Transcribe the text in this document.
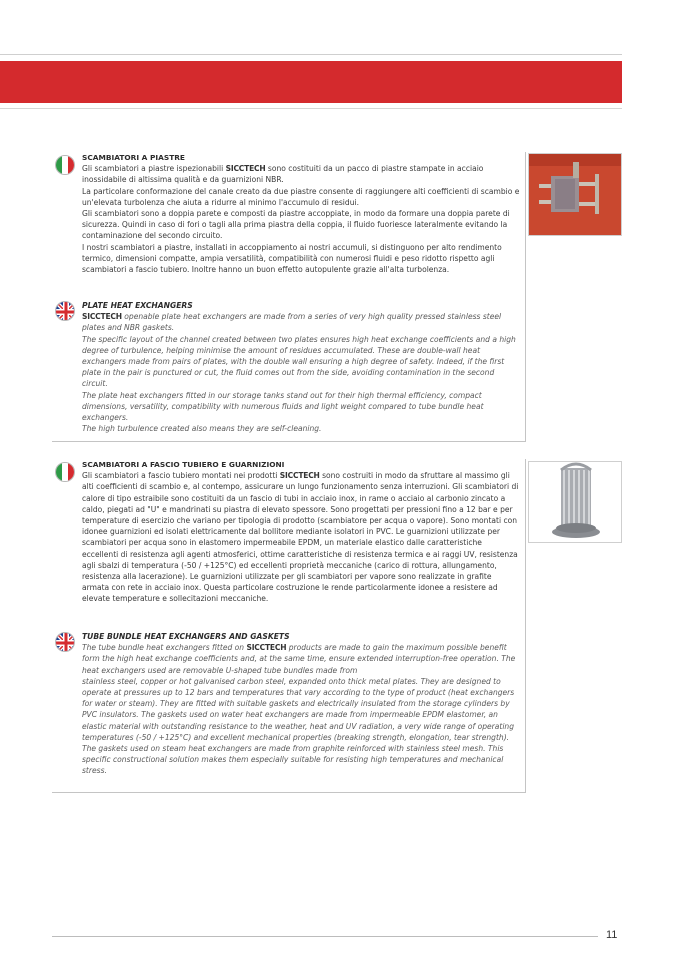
SCAMBIATORI A PIASTRE

Gli scambiatori a piastre ispezionabili SICCTECH sono costituiti da un pacco di piastre stampate in acciaio inossidabile di altissima qualità e da guarnizioni NBR.

La particolare conformazione del canale creato da due piastre consente di raggiungere alti coefficienti di scambio e un'elevata turbolenza che aiuta a ridurre al minimo l'accumulo di residui.

Gli scambiatori sono a doppia parete e composti da piastre accoppiate, in modo da formare una doppia parete di sicurezza. Quindi in caso di fori o tagli alla prima piastra della coppia, il fluido fuoriesce lateralmente evitando la contaminazione del secondo circuito.

I nostri scambiatori a piastre, installati in accoppiamento ai nostri accumuli, si distinguono per alto rendimento termico, dimensioni compatte, ampia versatilità, compatibilità con numerosi fluidi e peso ridotto rispetto agli scambiatori a fascio tubiero. Inoltre hanno un buon effetto autopulente grazie all'alta turbolenza.

PLATE HEAT EXCHANGERS

SICCTECH openable plate heat exchangers are made from a series of very high quality pressed stainless steel plates and NBR gaskets.

The specific layout of the channel created between two plates ensures high heat exchange coefficients and a high degree of turbulence, helping minimise the amount of residues accumulated. These are double-wall heat exchangers made from pairs of plates, with the double wall ensuring a high degree of safety. Indeed, if the first plate in the pair is punctured or cut, the fluid comes out from the side, avoiding contamination in the second circuit.

The plate heat exchangers fitted in our storage tanks stand out for their high thermal efficiency, compact dimensions, versatility, compatibility with numerous fluids and light weight compared to tube bundle heat exchangers.

The high turbulence created also means they are self-cleaning.

SCAMBIATORI A FASCIO TUBIERO E GUARNIZIONI

Gli scambiatori a fascio tubiero montati nei prodotti SICCTECH sono costruiti in modo da sfruttare al massimo gli alti coefficienti di scambio e, al contempo, assicurare un lungo funzionamento senza interruzioni. Gli scambiatori di calore di tipo estraibile sono costituiti da un fascio di tubi in acciaio inox, in rame o acciaio al carbonio zincato a caldo, piegati ad "U" e mandrinati su piastra di elevato spessore. Sono progettati per pressioni fino a 12 bar e per temperature di esercizio che variano per tipologia di prodotto (scambiatore per acqua o vapore). Sono montati con idonee guarnizioni ed isolati elettricamente dal bollitore mediante isolatori in PVC. Le guarnizioni utilizzate per scambiatori per acqua sono in elastomero impermeabile EPDM, un materiale elastico dalle caratteristiche eccellenti di resistenza agli agenti atmosferici, ottime caratteristiche di resistenza termica e ai raggi UV, resistenza agli sbalzi di temperatura (-50 / +125°C) ed eccellenti proprietà meccaniche (carico di rottura, allungamento, resistenza alla lacerazione). Le guarnizioni utilizzate per gli scambiatori per vapore sono realizzate in grafite armata con rete in acciaio inox. Questa particolare costruzione le rende particolarmente idonee a resistere ad elevate temperature e sollecitazioni meccaniche.

TUBE BUNDLE HEAT EXCHANGERS AND GASKETS

The tube bundle heat exchangers fitted on SICCTECH products are made to gain the maximum possible benefit form the high heat exchange coefficients and, at the same time, ensure extended interruption-free operation. The heat exchangers used are removable U-shaped tube bundles made from

stainless steel, copper or hot galvanised carbon steel, expanded onto thick metal plates. They are designed to operate at pressures up to 12 bars and temperatures that vary according to the type of product (heat exchangers for water or steam). They are fitted with suitable gaskets and electrically insulated from the storage cylinders by PVC insulators. The gaskets used on water heat exchangers are made from impermeable EPDM elastomer, an elastic material with outstanding resistance to the weather, heat and UV radiation, a very wide range of operating temperatures (-50 / +125°C) and excellent mechanical properties (breaking strength, elongation, tear strength). The gaskets used on steam heat exchangers are made from graphite reinforced with stainless steel mesh. This specific constructional solution makes them especially suitable for resisting high temperatures and mechanical stress.

11
